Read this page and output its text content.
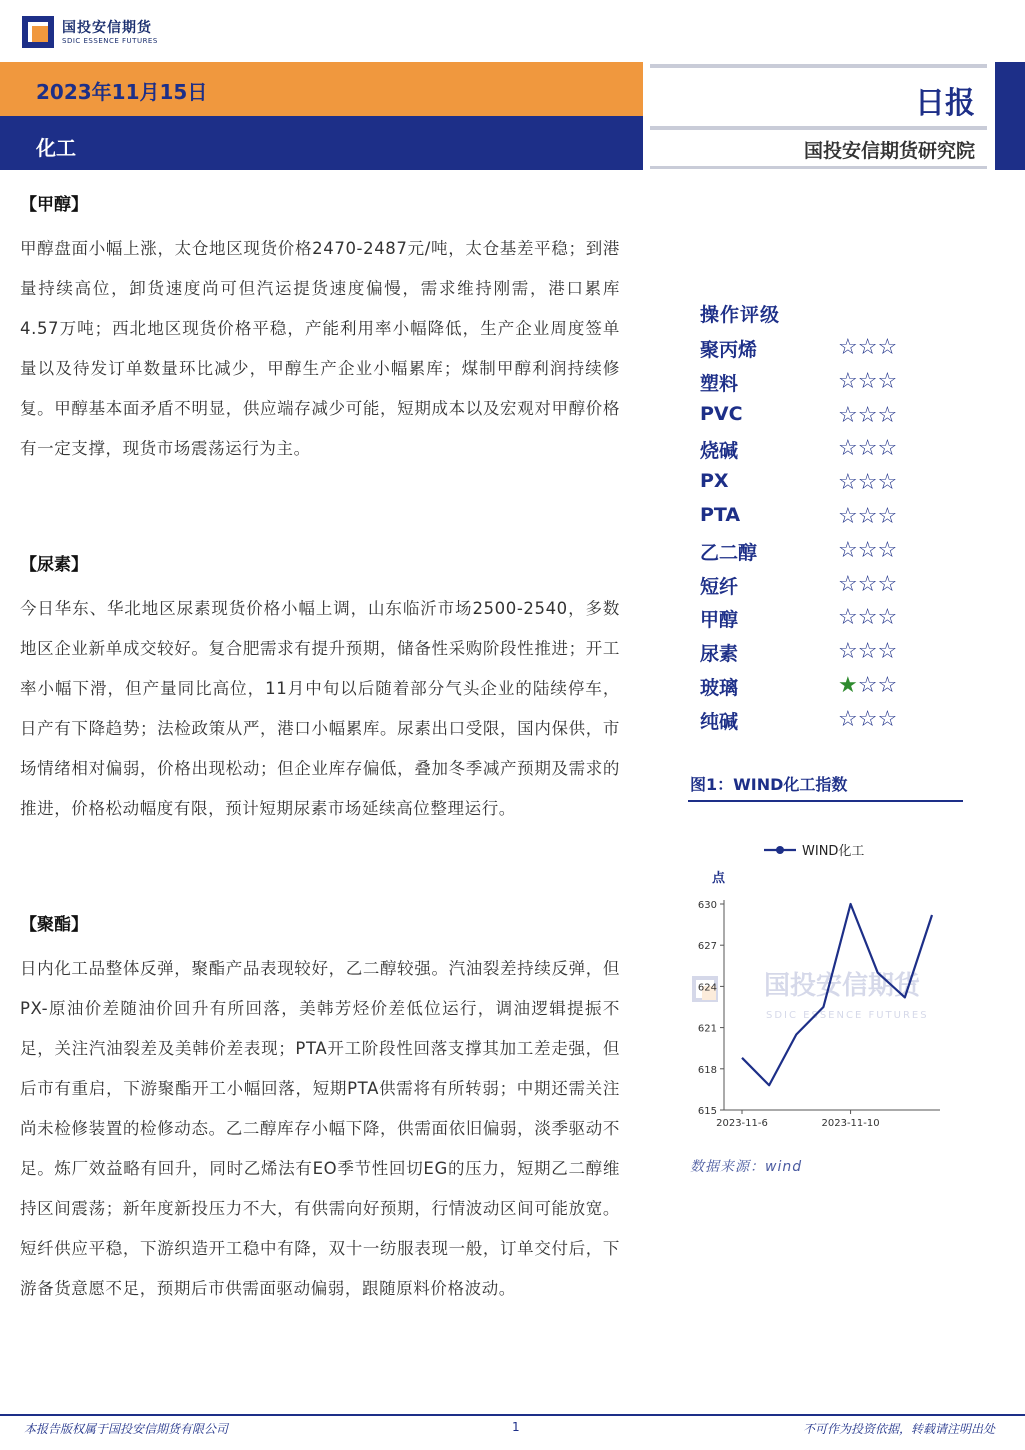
国投安信期货
SDIC ESSENCE FUTURES
2023年11月15日
化工
日报
国投安信期货研究院
【甲醇】
甲醇盘面小幅上涨，太仓地区现货价格2470-2487元/吨，太仓基差平稳；到港量持续高位，卸货速度尚可但汽运提货速度偏慢，需求维持刚需，港口累库4.57万吨；西北地区现货价格平稳，产能利用率小幅降低，生产企业周度签单量以及待发订单数量环比减少，甲醇生产企业小幅累库；煤制甲醇利润持续修复。甲醇基本面矛盾不明显，供应端存减少可能，短期成本以及宏观对甲醇价格有一定支撑，现货市场震荡运行为主。
【尿素】
今日华东、华北地区尿素现货价格小幅上调，山东临沂市场2500-2540，多数地区企业新单成交较好。复合肥需求有提升预期，储备性采购阶段性推进；开工率小幅下滑，但产量同比高位，11月中旬以后随着部分气头企业的陆续停车，日产有下降趋势；法检政策从严，港口小幅累库。尿素出口受限，国内保供，市场情绪相对偏弱，价格出现松动；但企业库存偏低，叠加冬季减产预期及需求的推进，价格松动幅度有限，预计短期尿素市场延续高位整理运行。
【聚酯】
日内化工品整体反弹，聚酯产品表现较好，乙二醇较强。汽油裂差持续反弹，但PX-原油价差随油价回升有所回落，美韩芳烃价差低位运行，调油逻辑提振不足，关注汽油裂差及美韩价差表现；PTA开工阶段性回落支撑其加工差走强，但后市有重启，下游聚酯开工小幅回落，短期PTA供需将有所转弱；中期还需关注尚未检修装置的检修动态。乙二醇库存小幅下降，供需面依旧偏弱，淡季驱动不足。炼厂效益略有回升，同时乙烯法有EO季节性回切EG的压力，短期乙二醇维持区间震荡；新年度新投压力不大，有供需向好预期，行情波动区间可能放宽。短纤供应平稳，下游织造开工稳中有降，双十一纺服表现一般，订单交付后，下游备货意愿不足，预期后市供需面驱动偏弱，跟随原料价格波动。
操作评级
聚丙烯	☆☆☆
塑料	☆☆☆
PVC	☆☆☆
烧碱	☆☆☆
PX	☆☆☆
PTA	☆☆☆
乙二醇	☆☆☆
短纤	☆☆☆
甲醇	☆☆☆
尿素	☆☆☆
玻璃	★☆☆
纯碱	☆☆☆
图1：WIND化工指数
国投安信期货
SDIC ESSENCE FUTURES
615
618
621
624
627
630
点
2023-11-6	2023-11-10
WIND化工
数据来源：wind
本报告版权属于国投安信期货有限公司	1	不可作为投资依据，转载请注明出处
